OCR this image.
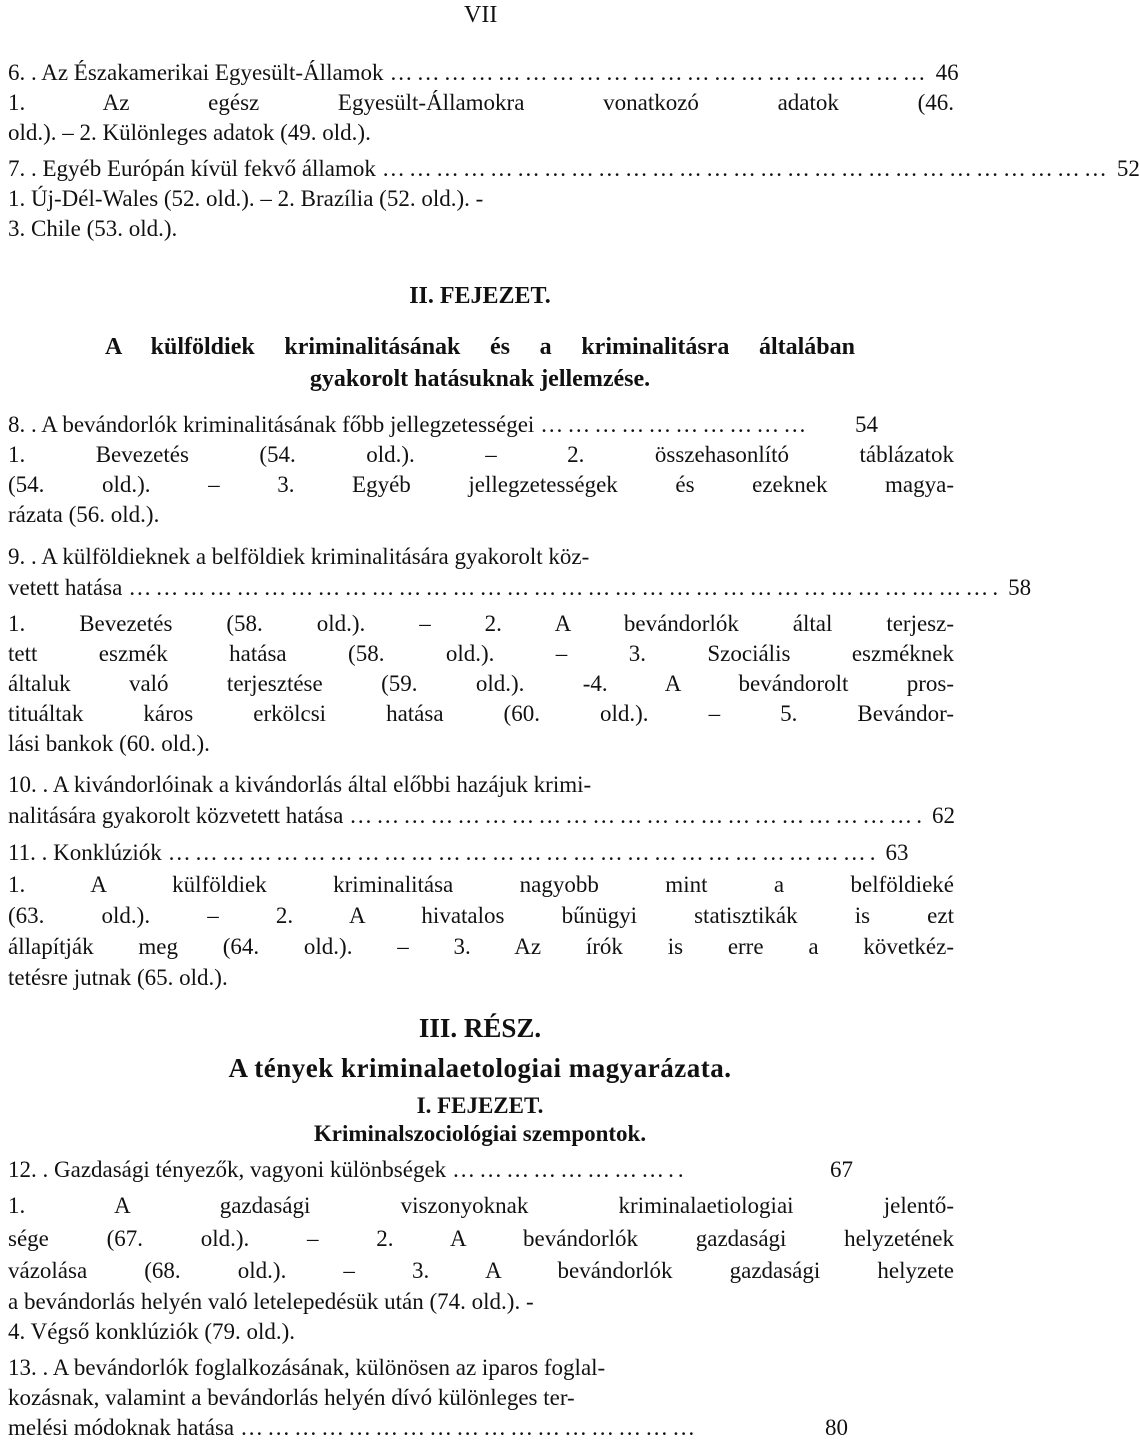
VII
6. . Az Északamerikai Egyesült-Államok …………………………………………………… 46
1. Az egész Egyesült-Államokra vonatkozó adatok (46.
old.). – 2. Különleges adatok (49. old.).
7. . Egyéb Európán kívül fekvő államok ……………………………………………………………………… 52
1. Új-Dél-Wales (52. old.). – 2. Brazília (52. old.). -
3. Chile (53. old.).
II. FEJEZET.
A külföldiek kriminalitásának és a kriminalitásra általában
gyakorolt hatásuknak jellemzése.
8. . A bevándorlók kriminalitásának főbb jellegzetességei …………………………	54
1. Bevezetés (54. old.). – 2. összehasonlító táblázatok
(54. old.). – 3. Egyéb jellegzetességek és ezeknek magya-
rázata (56. old.).
9. . A külföldieknek a belföldiek kriminalitására gyakorolt köz-
vetett hatása ……………………………………………………………………………………. 58
1. Bevezetés (58. old.). – 2. A bevándorlók által terjesz-
tett eszmék hatása (58. old.). – 3. Szociális eszméknek
általuk való terjesztése (59. old.). -4. A bevándorolt pros-
tituáltak káros erkölcsi hatása (60. old.). – 5. Bevándor-
lási bankok (60. old.).
10. . A kivándorlóinak a kivándorlás által előbbi hazájuk krimi-
nalitására gyakorolt közvetett hatása ………………………………………………………. 62
11. . Konklúziók ……………………………………………………………………. 63
1. A külföldiek kriminalitása nagyobb mint a belföldieké
(63. old.). – 2. A hivatalos bűnügyi statisztikák is ezt
állapítják meg (64. old.). – 3. Az írók is erre a követkéz-
tetésre jutnak (65. old.).
III. RÉSZ.
A tények kriminalaetologiai magyarázata.
I. FEJEZET.
Kriminalszociológiai szempontok.
12. . Gazdasági tényezők, vagyoni különbségek ……………………..	67
1. A gazdasági viszonyoknak kriminalaetiologiai jelentő-
sége (67. old.). – 2. A bevándorlók gazdasági helyzetének
vázolása (68. old.). – 3. A bevándorlók gazdasági helyzete
a bevándorlás helyén való letelepedésük után (74. old.). -
4. Végső konklúziók (79. old.).
13. . A bevándorlók foglalkozásának, különösen az iparos foglal-
kozásnak, valamint a bevándorlás helyén dívó különleges ter-
melési módoknak hatása ……………………………………………	80
